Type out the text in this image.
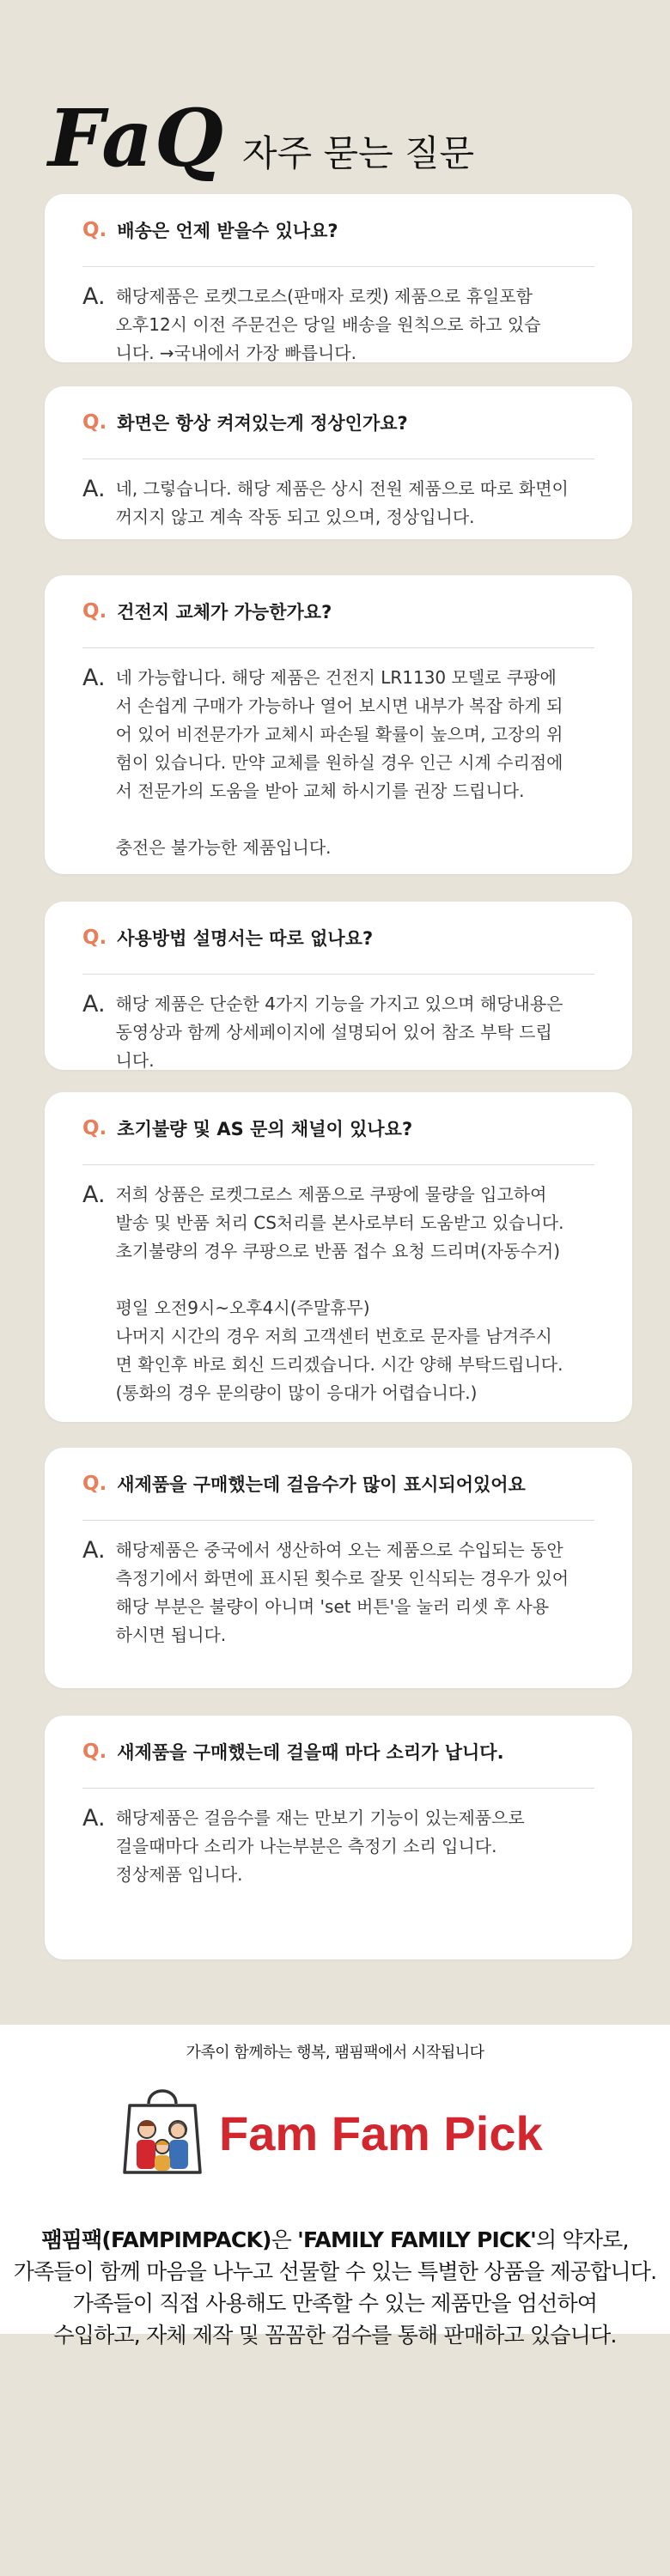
FaQ 자주 묻는 질문
Q. 배송은 언제 받을수 있나요?
A. 해당제품은 로켓그로스(판매자 로켓) 제품으로 휴일포함
오후12시 이전 주문건은 당일 배송을 원칙으로 하고 있습
니다. →국내에서 가장 빠릅니다.
Q. 화면은 항상 켜져있는게 정상인가요?
A. 네, 그렇습니다. 해당 제품은 상시 전원 제품으로 따로 화면이
꺼지지 않고 계속 작동 되고 있으며, 정상입니다.
Q. 건전지 교체가 가능한가요?
A. 네 가능합니다. 해당 제품은 건전지 LR1130 모델로 쿠팡에
서 손쉽게 구매가 가능하나 열어 보시면 내부가 복잡 하게 되
어 있어 비전문가가 교체시 파손될 확률이 높으며, 고장의 위
험이 있습니다. 만약 교체를 원하실 경우 인근 시계 수리점에
서 전문가의 도움을 받아 교체 하시기를 권장 드립니다.

충전은 불가능한 제품입니다.
Q. 사용방법 설명서는 따로 없나요?
A. 해당 제품은 단순한 4가지 기능을 가지고 있으며 해당내용은
동영상과 함께 상세페이지에 설명되어 있어 참조 부탁 드립
니다.
Q. 초기불량 및 AS 문의 채널이 있나요?
A. 저희 상품은 로켓그로스 제품으로 쿠팡에 물량을 입고하여
발송 및 반품 처리 CS처리를 본사로부터 도움받고 있습니다.
초기불량의 경우 쿠팡으로 반품 접수 요청 드리며(자동수거)

평일 오전9시~오후4시(주말휴무)
나머지 시간의 경우 저희 고객센터 번호로 문자를 남겨주시
면 확인후 바로 회신 드리겠습니다. 시간 양해 부탁드립니다.
(통화의 경우 문의량이 많이 응대가 어렵습니다.)
Q. 새제품을 구매했는데 걸음수가 많이 표시되어있어요
A. 해당제품은 중국에서 생산하여 오는 제품으로 수입되는 동안
측정기에서 화면에 표시된 횟수로 잘못 인식되는 경우가 있어
해당 부분은 불량이 아니며 'set 버튼'을 눌러 리셋 후 사용
하시면 됩니다.
Q. 새제품을 구매했는데 걸을때 마다 소리가 납니다.
A. 해당제품은 걸음수를 재는 만보기 기능이 있는제품으로
걸을때마다 소리가 나는부분은 측정기 소리 입니다.
정상제품 입니다.
가족이 함께하는 행복, 팸핌팩에서 시작됩니다
Fam Fam Pick
팸핌팩(FAMPIMPACK)은 'FAMILY FAMILY PICK'의 약자로,
가족들이 함께 마음을 나누고 선물할 수 있는 특별한 상품을 제공합니다.
가족들이 직접 사용해도 만족할 수 있는 제품만을 엄선하여
수입하고, 자체 제작 및 꼼꼼한 검수를 통해 판매하고 있습니다.
